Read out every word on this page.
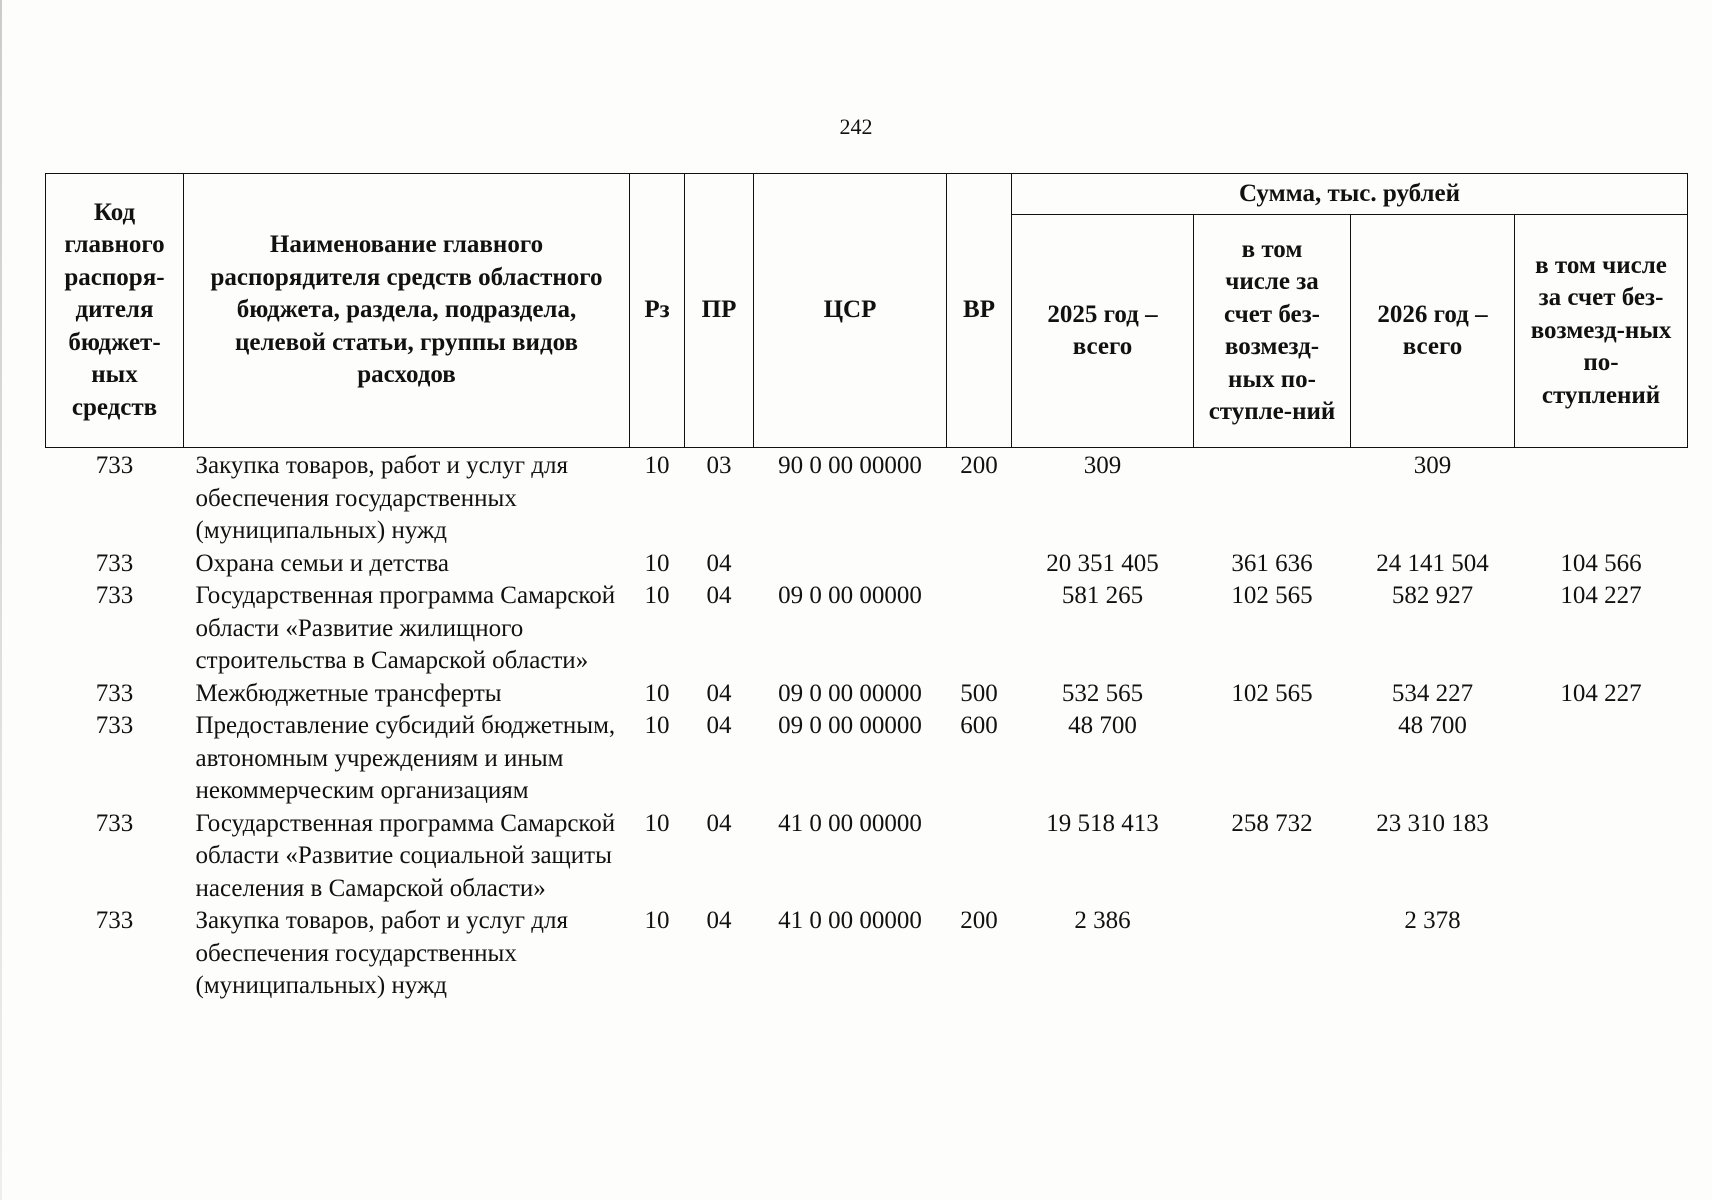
242
Код главного распоря-дителя бюджет-ных средств	Наименование главного распорядителя средств областного бюджета, раздела, подраздела, целевой статьи, группы видов расходов	Рз	ПР	ЦСР	ВР	Сумма, тыс. рублей			
						2025 год – всего	в том числе за счет без-возмезд-ных по-ступле-ний	2026 год – всего	в том числе за счет без-возмезд-ных по-ступлений
733	Закупка товаров, работ и услуг для обеспечения государственных (муниципальных) нужд	10	03	90 0 00 00000	200	309		309	
733	Охрана семьи и детства	10	04			20 351 405	361 636	24 141 504	104 566
733	Государственная программа Самарской области «Развитие жилищного строительства в Самарской области»	10	04	09 0 00 00000		581 265	102 565	582 927	104 227
733	Межбюджетные трансферты	10	04	09 0 00 00000	500	532 565	102 565	534 227	104 227
733	Предоставление субсидий бюджетным, автономным учреждениям и иным некоммерческим организациям	10	04	09 0 00 00000	600	48 700		48 700	
733	Государственная программа Самарской области «Развитие социальной защиты населения в Самарской области»	10	04	41 0 00 00000		19 518 413	258 732	23 310 183	
733	Закупка товаров, работ и услуг для обеспечения государственных (муниципальных) нужд	10	04	41 0 00 00000	200	2 386		2 378	
